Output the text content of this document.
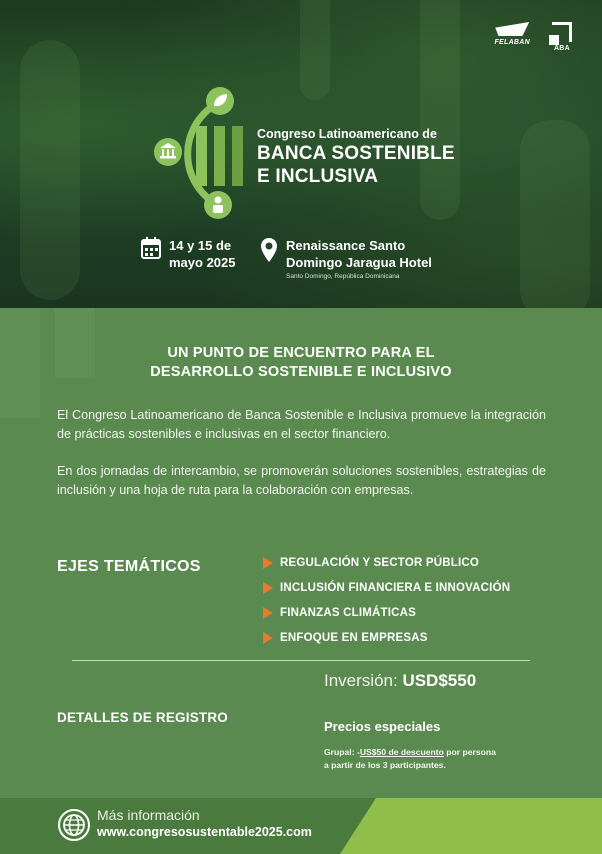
FELABAN
ABA
Congreso Latinoamericano de
BANCA SOSTENIBLE
E INCLUSIVA
14 y 15 de
mayo 2025
Renaissance Santo
Domingo Jaragua Hotel
Santo Domingo, República Dominicana
UN PUNTO DE ENCUENTRO PARA EL
DESARROLLO SOSTENIBLE E INCLUSIVO

El Congreso Latinoamericano de Banca Sostenible e Inclusiva promueve la integración de prácticas sostenibles e inclusivas en el sector financiero.

En dos jornadas de intercambio, se promoverán soluciones sostenibles, estrategias de inclusión y una hoja de ruta para la colaboración con empresas.

EJES TEMÁTICOS	REGULACIÓN Y SECTOR PÚBLICO
INCLUSIÓN FINANCIERA E INNOVACIÓN
FINANZAS CLIMÁTICAS
ENFOQUE EN EMPRESAS
DETALLES DE REGISTRO
Inversión: USD$550
Precios especiales
Grupal: -US$50 de descuento por persona
a partir de los 3 participantes.
Más información
www.congresosustentable2025.com
